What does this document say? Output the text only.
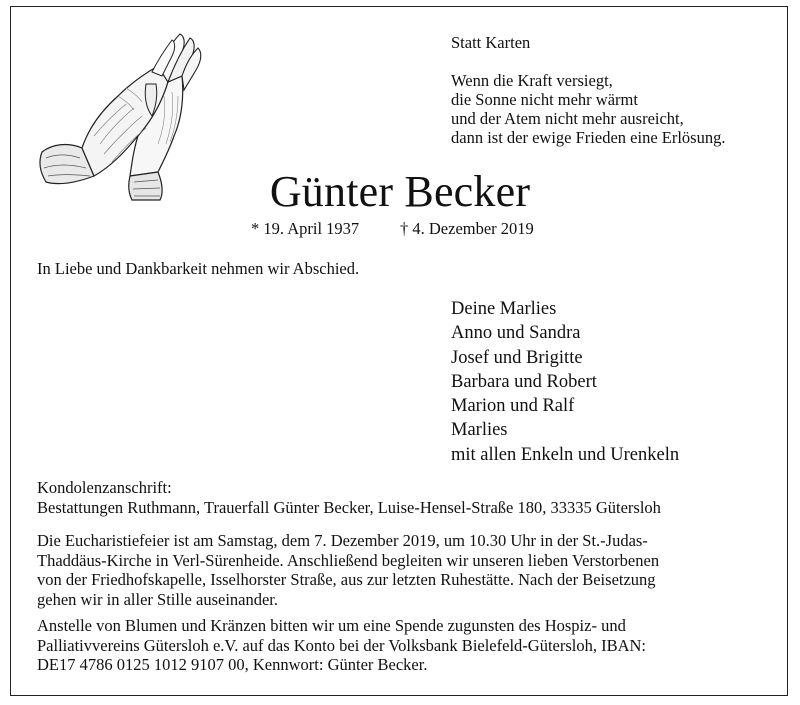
Statt Karten
Wenn die Kraft versiegt,
die Sonne nicht mehr wärmt
und der Atem nicht mehr ausreicht,
dann ist der ewige Frieden eine Erlösung.
Günter Becker
* 19. April 1937 † 4. Dezember 2019
In Liebe und Dankbarkeit nehmen wir Abschied.
Deine Marlies
Anno und Sandra
Josef und Brigitte
Barbara und Robert
Marion und Ralf
Marlies
mit allen Enkeln und Urenkeln
Kondolenzanschrift:
Bestattungen Ruthmann, Trauerfall Günter Becker, Luise-Hensel-Straße 180, 33335 Gütersloh
Die Eucharistiefeier ist am Samstag, dem 7. Dezember 2019, um 10.30 Uhr in der St.-Judas-
Thaddäus-Kirche in Verl-Sürenheide. Anschließend begleiten wir unseren lieben Verstorbenen
von der Friedhofskapelle, Isselhorster Straße, aus zur letzten Ruhestätte. Nach der Beisetzung
gehen wir in aller Stille auseinander.
Anstelle von Blumen und Kränzen bitten wir um eine Spende zugunsten des Hospiz- und
Palliativvereins Gütersloh e.V. auf das Konto bei der Volksbank Bielefeld-Gütersloh, IBAN:
DE17 4786 0125 1012 9107 00, Kennwort: Günter Becker.
